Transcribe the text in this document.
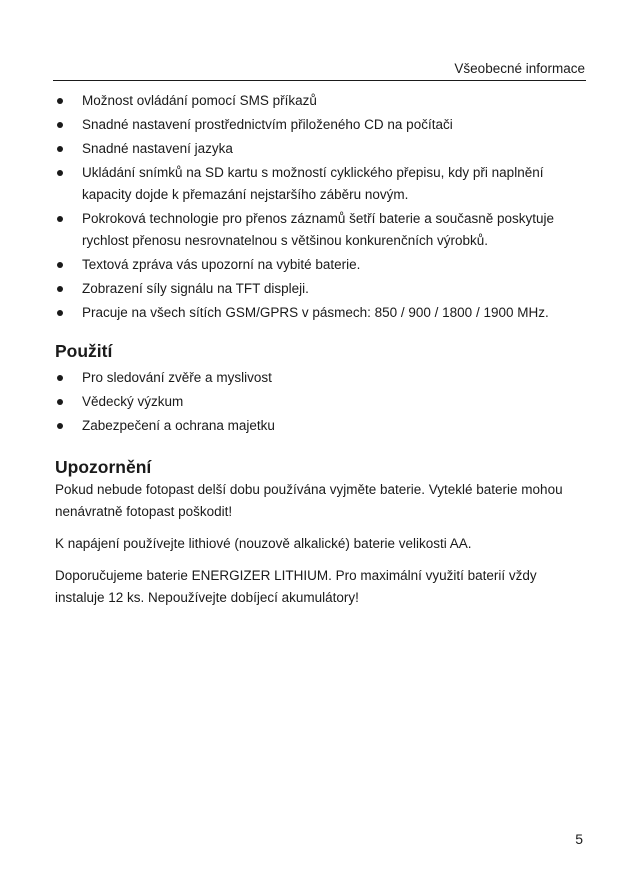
Všeobecné informace
Možnost ovládání pomocí SMS příkazů
Snadné nastavení prostřednictvím přiloženého CD na počítači
Snadné nastavení jazyka
Ukládání snímků na SD kartu s možností cyklického přepisu, kdy při naplnění kapacity dojde k přemazání nejstaršího záběru novým.
Pokroková technologie pro přenos záznamů šetří baterie a současně poskytuje rychlost přenosu nesrovnatelnou s většinou konkurenčních výrobků.
Textová zpráva vás upozorní na vybité baterie.
Zobrazení síly signálu na TFT displeji.
Pracuje na všech sítích GSM/GPRS v pásmech: 850 / 900 / 1800 / 1900 MHz.
Použití
Pro sledování zvěře a myslivost
Vědecký výzkum
Zabezpečení a ochrana majetku
Upozornění

Pokud nebude fotopast delší dobu používána vyjměte baterie. Vyteklé baterie mohou nenávratně fotopast poškodit!

K napájení používejte lithiové (nouzově alkalické) baterie velikosti AA.

Doporučujeme baterie ENERGIZER LITHIUM. Pro maximální využití baterií vždy instaluje 12 ks. Nepoužívejte dobíjecí akumulátory!

5
